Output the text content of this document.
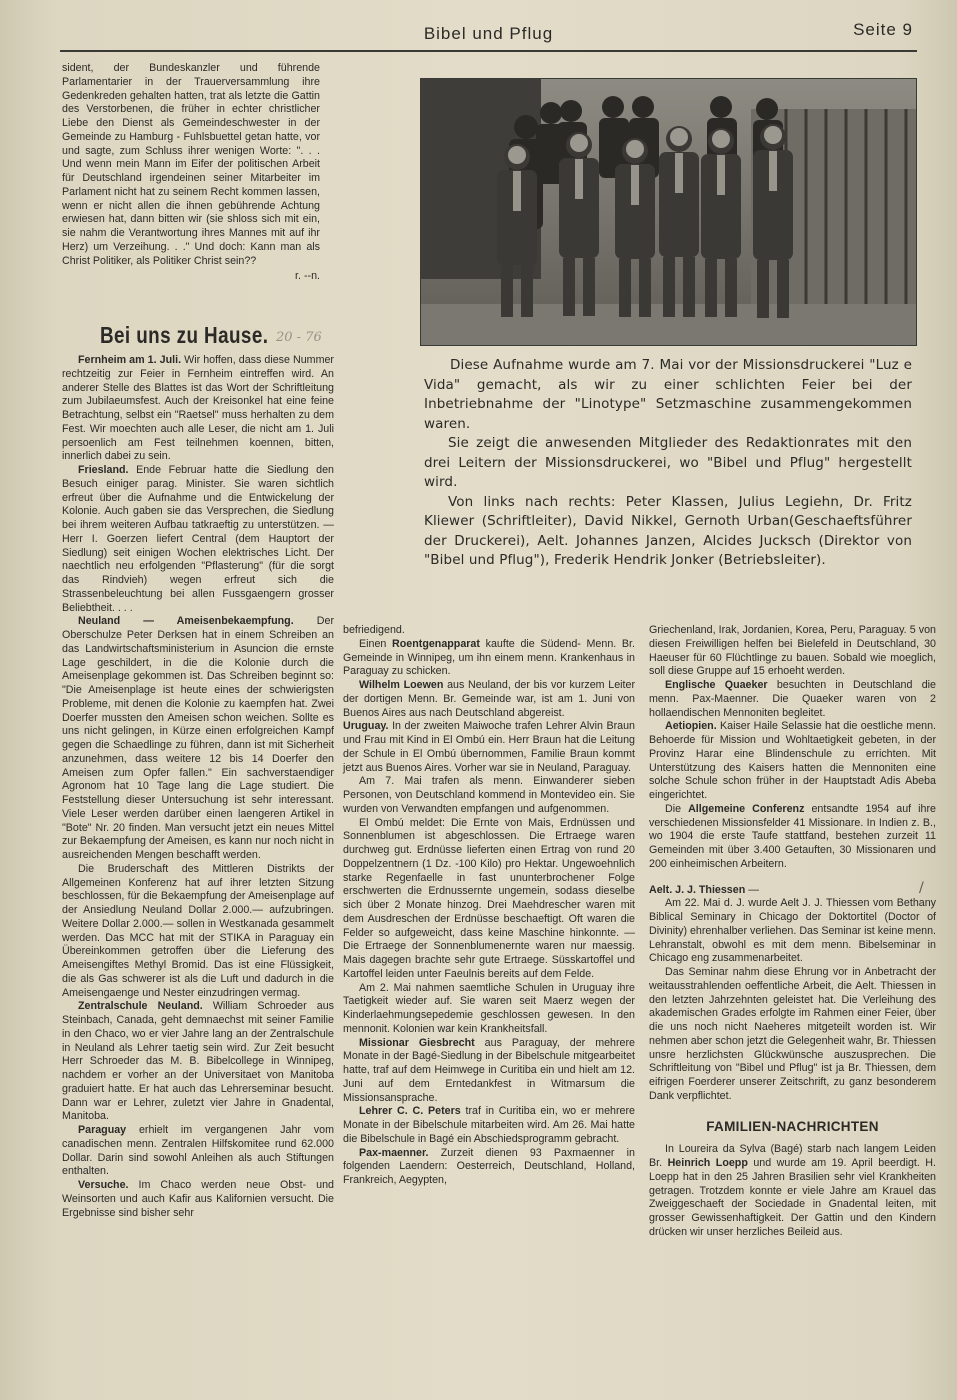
Bibel und Pflug	Seite 9

sident, der Bundeskanzler und führende Parlamentarier in der Trauerversammlung ihre Gedenkreden gehalten hatten, trat als letzte die Gattin des Verstorbenen, die früher in echter christlicher Liebe den Dienst als Gemeindeschwester in der Gemeinde zu Hamburg - Fuhlsbuettel getan hatte, vor und sagte, zum Schluss ihrer wenigen Worte: ". . . Und wenn mein Mann im Eifer der politischen Arbeit für Deutschland irgendeinen seiner Mitarbeiter im Parlament nicht hat zu seinem Recht kommen lassen, wenn er nicht allen die ihnen gebührende Achtung erwiesen hat, dann bitten wir (sie shloss sich mit ein, sie nahm die Verantwortung ihres Mannes mit auf ihr Herz) um Verzeihung. . ." Und doch: Kann man als Christ Politiker, als Politiker Christ sein??

r. --n.
Bei uns zu Hause. 20 - 76

Fernheim am 1. Juli. Wir hoffen, dass diese Nummer rechtzeitig zur Feier in Fernheim eintreffen wird. An anderer Stelle des Blattes ist das Wort der Schriftleitung zum Jubilaeumsfest. Auch der Kreisonkel hat eine feine Betrachtung, selbst ein "Raetsel" muss herhalten zu dem Fest. Wir moechten auch alle Leser, die nicht am 1. Juli persoenlich am Fest teilnehmen koennen, bitten, innerlich dabei zu sein.

Friesland. Ende Februar hatte die Siedlung den Besuch einiger parag. Minister. Sie waren sichtlich erfreut über die Aufnahme und die Entwickelung der Kolonie. Auch gaben sie das Versprechen, die Siedlung bei ihrem weiteren Aufbau tatkraeftig zu unterstützen. — Herr I. Goerzen liefert Central (dem Hauptort der Siedlung) seit einigen Wochen elektrisches Licht. Der naechtlich neu erfolgenden "Pflasterung" (für die sorgt das Rindvieh) wegen erfreut sich die Strassenbeleuchtung bei allen Fussgaengern grosser Beliebtheit. . . .

Neuland — Ameisenbekaempfung. Der Oberschulze Peter Derksen hat in einem Schreiben an das Landwirtschaftsministerium in Asuncion die ernste Lage geschildert, in die die Kolonie durch die Ameisenplage gekommen ist. Das Schreiben beginnt so: "Die Ameisenplage ist heute eines der schwierigsten Probleme, mit denen die Kolonie zu kaempfen hat. Zwei Doerfer mussten den Ameisen schon weichen. Sollte es uns nicht gelingen, in Kürze einen erfolgreichen Kampf gegen die Schaedlinge zu führen, dann ist mit Sicherheit anzunehmen, dass weitere 12 bis 14 Doerfer den Ameisen zum Opfer fallen." Ein sachverstaendiger Agronom hat 10 Tage lang die Lage studiert. Die Feststellung dieser Untersuchung ist sehr interessant. Viele Leser werden darüber einen laengeren Artikel in "Bote" Nr. 20 finden. Man versucht jetzt ein neues Mittel zur Bekaempfung der Ameisen, es kann nur noch nicht in ausreichenden Mengen beschafft werden.

Die Bruderschaft des Mittleren Distrikts der Allgemeinen Konferenz hat auf ihrer letzten Sitzung beschlossen, für die Bekaempfung der Ameisenplage auf der Ansiedlung Neuland Dollar 2.000.— aufzubringen. Weitere Dollar 2.000.— sollen in Westkanada gesammelt werden. Das MCC hat mit der STIKA in Paraguay ein Übereinkommen getroffen über die Lieferung des Ameisengiftes Methyl Bromid. Das ist eine Flüssigkeit, die als Gas schwerer ist als die Luft und dadurch in die Ameisengaenge und Nester einzudringen vermag.

Zentralschule Neuland. William Schroeder aus Steinbach, Canada, geht demnaechst mit seiner Familie in den Chaco, wo er vier Jahre lang an der Zentralschule in Neuland als Lehrer taetig sein wird. Zur Zeit besucht Herr Schroeder das M. B. Bibelcollege in Winnipeg, nachdem er vorher an der Universitaet von Manitoba graduiert hatte. Er hat auch das Lehrerseminar besucht. Dann war er Lehrer, zuletzt vier Jahre in Gnadental, Manitoba.

Paraguay erhielt im vergangenen Jahr vom canadischen menn. Zentralen Hilfskomitee rund 62.000 Dollar. Darin sind sowohl Anleihen als auch Stiftungen enthalten.

Versuche. Im Chaco werden neue Obst- und Weinsorten und auch Kafir aus Kalifornien versucht. Die Ergebnisse sind bisher sehr

Diese Aufnahme wurde am 7. Mai vor der Missionsdruckerei "Luz e Vida" gemacht, als wir zu einer schlichten Feier bei der Inbetriebnahme der "Linotype" Setzmaschine zusammengekommen waren.

Sie zeigt die anwesenden Mitglieder des Redaktionrates mit den drei Leitern der Missionsdruckerei, wo "Bibel und Pflug" hergestellt wird.

Von links nach rechts: Peter Klassen, Julius Legiehn, Dr. Fritz Kliewer (Schriftleiter), David Nikkel, Gernoth Urban(Geschaeftsführer der Druckerei), Aelt. Johannes Janzen, Alcides Jucksch (Direktor von "Bibel und Pflug"), Frederik Hendrik Jonker (Betriebsleiter).

befriedigend.

Einen Roentgenapparat kaufte die Südend- Menn. Br. Gemeinde in Winnipeg, um ihn einem menn. Krankenhaus in Paraguay zu schicken.

Wilhelm Loewen aus Neuland, der bis vor kurzem Leiter der dortigen Menn. Br. Gemeinde war, ist am 1. Juni von Buenos Aires aus nach Deutschland abgereist.

Uruguay. In der zweiten Maiwoche trafen Lehrer Alvin Braun und Frau mit Kind in El Ombú ein. Herr Braun hat die Leitung der Schule in El Ombú übernommen, Familie Braun kommt jetzt aus Buenos Aires. Vorher war sie in Neuland, Paraguay.

Am 7. Mai trafen als menn. Einwanderer sieben Personen, von Deutschland kommend in Montevideo ein. Sie wurden von Verwandten empfangen und aufgenommen.

El Ombú meldet: Die Ernte von Mais, Erdnüssen und Sonnenblumen ist abgeschlossen. Die Ertraege waren durchweg gut. Erdnüsse lieferten einen Ertrag von rund 20 Doppelzentnern (1 Dz. -100 Kilo) pro Hektar. Ungewoehnlich starke Regenfaelle in fast ununterbrochener Folge erschwerten die Erdnussernte ungemein, sodass dieselbe sich über 2 Monate hinzog. Drei Maehdrescher waren mit dem Ausdreschen der Erdnüsse beschaeftigt. Oft waren die Felder so aufgeweicht, dass keine Maschine hinkonnte. — Die Ertraege der Sonnenblumenernte waren nur maessig. Mais dagegen brachte sehr gute Ertraege. Süsskartoffel und Kartoffel leiden unter Faeulnis bereits auf dem Felde.

Am 2. Mai nahmen saemtliche Schulen in Uruguay ihre Taetigkeit wieder auf. Sie waren seit Maerz wegen der Kinderlaehmungsepedemie geschlossen gewesen. In den mennonit. Kolonien war kein Krankheitsfall.

Missionar Giesbrecht aus Paraguay, der mehrere Monate in der Bagé-Siedlung in der Bibelschule mitgearbeitet hatte, traf auf dem Heimwege in Curitiba ein und hielt am 12. Juni auf dem Erntedankfest in Witmarsum die Missionsansprache.

Lehrer C. C. Peters traf in Curitiba ein, wo er mehrere Monate in der Bibelschule mitarbeiten wird. Am 26. Mai hatte die Bibelschule in Bagé ein Abschiedsprogramm gebracht.

Pax-maenner. Zurzeit dienen 93 Paxmaenner in folgenden Laendern: Oesterreich, Deutschland, Holland, Frankreich, Aegypten,

Griechenland, Irak, Jordanien, Korea, Peru, Paraguay. 5 von diesen Freiwilligen helfen bei Bielefeld in Deutschland, 30 Haeuser für 60 Flüchtlinge zu bauen. Sobald wie moeglich, soll diese Gruppe auf 15 erhoeht werden.

Englische Quaeker besuchten in Deutschland die menn. Pax-Maenner. Die Quaeker waren von 2 hollaendischen Mennoniten begleitet.

Aetiopien. Kaiser Haile Selassie hat die oestliche menn. Behoerde für Mission und Wohltaetigkeit gebeten, in der Provinz Harar eine Blindenschule zu errichten. Mit Unterstützung des Kaisers hatten die Mennoniten eine solche Schule schon früher in der Hauptstadt Adis Abeba eingerichtet.

Die Allgemeine Conferenz entsandte 1954 auf ihre verschiedenen Missionsfelder 41 Missionare. In Indien z. B., wo 1904 die erste Taufe stattfand, bestehen zurzeit 11 Gemeinden mit über 3.400 Getauften, 30 Missionaren und 200 einheimischen Arbeitern.

Aelt. J. J. Thiessen —

Am 22. Mai d. J. wurde Aelt J. J. Thiessen vom Bethany Biblical Seminary in Chicago der Doktortitel (Doctor of Divinity) ehrenhalber verliehen. Das Seminar ist keine menn. Lehranstalt, obwohl es mit dem menn. Bibelseminar in Chicago eng zusammenarbeitet.

Das Seminar nahm diese Ehrung vor in Anbetracht der weitausstrahlenden oeffentliche Arbeit, die Aelt. Thiessen in den letzten Jahrzehnten geleistet hat. Die Verleihung des akademischen Grades erfolgte im Rahmen einer Feier, über die uns noch nicht Naeheres mitgeteilt worden ist. Wir nehmen aber schon jetzt die Gelegenheit wahr, Br. Thiessen unsre herzlichsten Glückwünsche auszusprechen. Die Schriftleitung von "Bibel und Pflug" ist ja Br. Thiessen, dem eifrigen Foerderer unserer Zeitschrift, zu ganz besonderem Dank verpflichtet.

FAMILIEN-NACHRICHTEN

In Loureira da Sylva (Bagé) starb nach langem Leiden Br. Heinrich Loepp und wurde am 19. April beerdigt. H. Loepp hat in den 25 Jahren Brasilien sehr viel Krankheiten getragen. Trotzdem konnte er viele Jahre am Krauel das Zweiggeschaeft der Sociedade in Gnadental leiten, mit grosser Gewissenhaftigkeit. Der Gattin und den Kindern drücken wir unser herzliches Beileid aus.

/
